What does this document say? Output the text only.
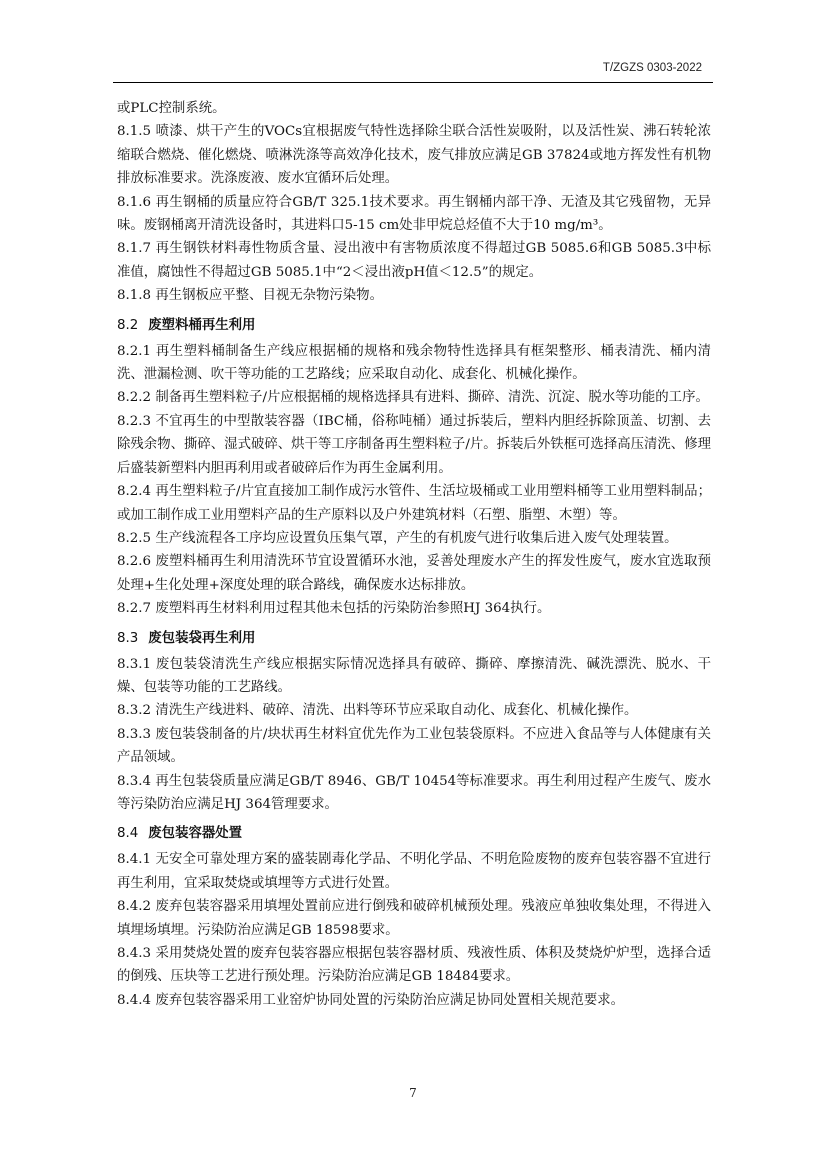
T/ZGZS 0303-2022

或PLC控制系统。

8.1.5 喷漆、烘干产生的VOCs宜根据废气特性选择除尘联合活性炭吸附，以及活性炭、沸石转轮浓缩联合燃烧、催化燃烧、喷淋洗涤等高效净化技术，废气排放应满足GB 37824或地方挥发性有机物排放标准要求。洗涤废液、废水宜循环后处理。

8.1.6 再生钢桶的质量应符合GB/T 325.1技术要求。再生钢桶内部干净、无渣及其它残留物，无异味。废钢桶离开清洗设备时，其进料口5-15 cm处非甲烷总烃值不大于10 mg/m³。

8.1.7 再生钢铁材料毒性物质含量、浸出液中有害物质浓度不得超过GB 5085.6和GB 5085.3中标准值，腐蚀性不得超过GB 5085.1中“2＜浸出液pH值＜12.5”的规定。

8.1.8 再生钢板应平整、目视无杂物污染物。

8.2 废塑料桶再生利用

8.2.1 再生塑料桶制备生产线应根据桶的规格和残余物特性选择具有框架整形、桶表清洗、桶内清洗、泄漏检测、吹干等功能的工艺路线；应采取自动化、成套化、机械化操作。

8.2.2 制备再生塑料粒子/片应根据桶的规格选择具有进料、撕碎、清洗、沉淀、脱水等功能的工序。

8.2.3 不宜再生的中型散装容器（IBC桶，俗称吨桶）通过拆装后，塑料内胆经拆除顶盖、切割、去除残余物、撕碎、湿式破碎、烘干等工序制备再生塑料粒子/片。拆装后外铁框可选择高压清洗、修理后盛装新塑料内胆再利用或者破碎后作为再生金属利用。

8.2.4 再生塑料粒子/片宜直接加工制作成污水管件、生活垃圾桶或工业用塑料桶等工业用塑料制品；或加工制作成工业用塑料产品的生产原料以及户外建筑材料（石塑、脂塑、木塑）等。

8.2.5 生产线流程各工序均应设置负压集气罩，产生的有机废气进行收集后进入废气处理装置。

8.2.6 废塑料桶再生利用清洗环节宜设置循环水池，妥善处理废水产生的挥发性废气，废水宜选取预处理+生化处理+深度处理的联合路线，确保废水达标排放。

8.2.7 废塑料再生材料利用过程其他未包括的污染防治参照HJ 364执行。

8.3 废包装袋再生利用

8.3.1 废包装袋清洗生产线应根据实际情况选择具有破碎、撕碎、摩擦清洗、碱洗漂洗、脱水、干燥、包装等功能的工艺路线。

8.3.2 清洗生产线进料、破碎、清洗、出料等环节应采取自动化、成套化、机械化操作。

8.3.3 废包装袋制备的片/块状再生材料宜优先作为工业包装袋原料。不应进入食品等与人体健康有关产品领域。

8.3.4 再生包装袋质量应满足GB/T 8946、GB/T 10454等标准要求。再生利用过程产生废气、废水等污染防治应满足HJ 364管理要求。

8.4 废包装容器处置

8.4.1 无安全可靠处理方案的盛装剧毒化学品、不明化学品、不明危险废物的废弃包装容器不宜进行再生利用，宜采取焚烧或填埋等方式进行处置。

8.4.2 废弃包装容器采用填埋处置前应进行倒残和破碎机械预处理。残液应单独收集处理，不得进入填埋场填埋。污染防治应满足GB 18598要求。

8.4.3 采用焚烧处置的废弃包装容器应根据包装容器材质、残液性质、体积及焚烧炉炉型，选择合适的倒残、压块等工艺进行预处理。污染防治应满足GB 18484要求。

8.4.4 废弃包装容器采用工业窑炉协同处置的污染防治应满足协同处置相关规范要求。

7
